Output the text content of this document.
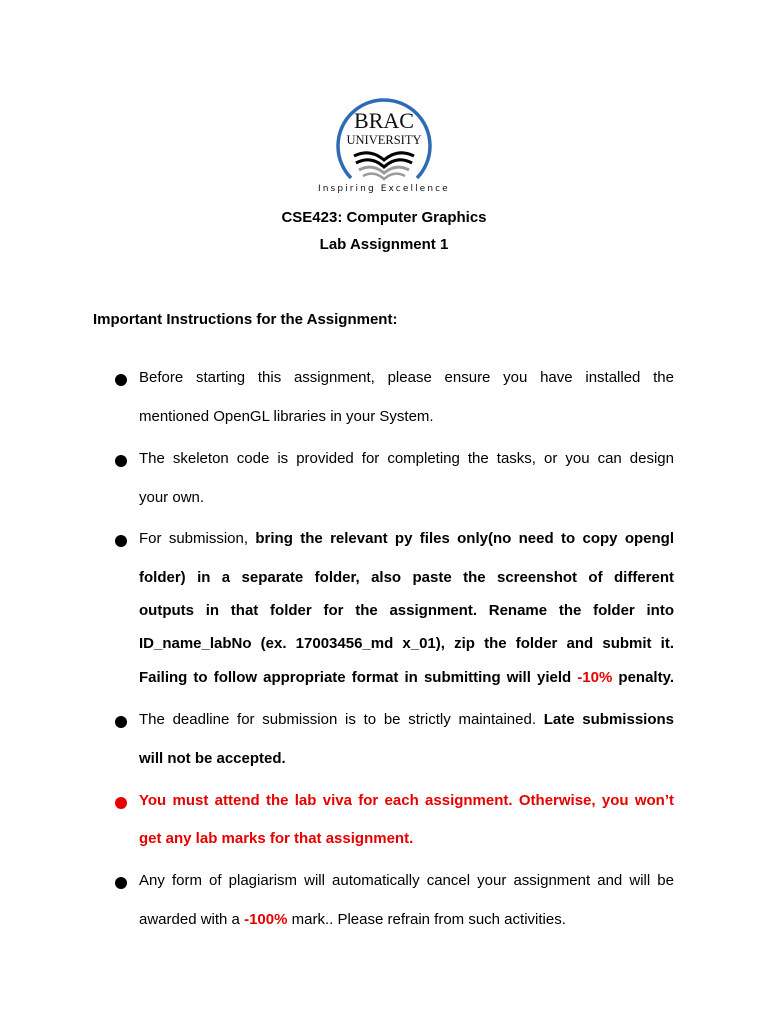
BRAC
UNIVERSITY
Inspiring Excellence
CSE423: Computer Graphics
Lab Assignment 1
Important Instructions for the Assignment:
Before starting this assignment, please ensure you have installed the
mentioned OpenGL libraries in your System.
The skeleton code is provided for completing the tasks, or you can design
your own.
For submission, bring the relevant py files only(no need to copy opengl
folder) in a separate folder, also paste the screenshot of different
outputs in that folder for the assignment. Rename the folder into
ID_name_labNo (ex. 17003456_md x_01), zip the folder and submit it.
Failing to follow appropriate format in submitting will yield -10% penalty.
The deadline for submission is to be strictly maintained. Late submissions
will not be accepted.
You must attend the lab viva for each assignment. Otherwise, you won’t
get any lab marks for that assignment.
Any form of plagiarism will automatically cancel your assignment and will be
awarded with a -100% mark.. Please refrain from such activities.
